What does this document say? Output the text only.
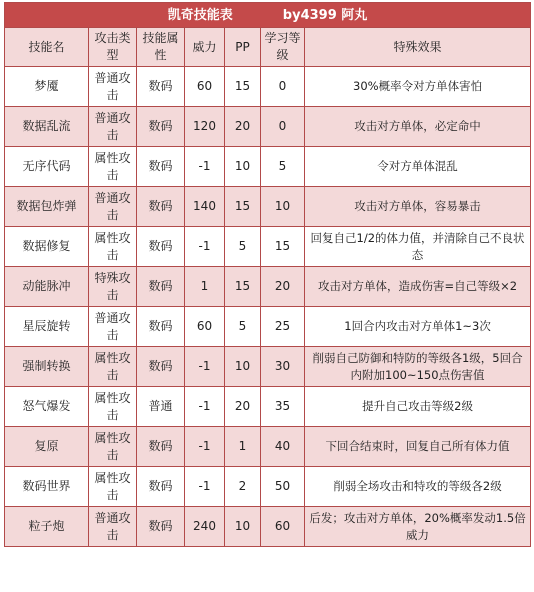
凯奇技能表 by4399 阿丸						
技能名	攻击类型	技能属性	威力	PP	学习等级	特殊效果
梦魇	普通攻击	数码	60	15	0	30%概率令对方单体害怕
数据乱流	普通攻击	数码	120	20	0	攻击对方单体，必定命中
无序代码	属性攻击	数码	-1	10	5	令对方单体混乱
数据包炸弹	普通攻击	数码	140	15	10	攻击对方单体，容易暴击
数据修复	属性攻击	数码	-1	5	15	回复自己1/2的体力值，并清除自己不良状态
动能脉冲	特殊攻击	数码	1	15	20	攻击对方单体，造成伤害=自己等级×2
星辰旋转	普通攻击	数码	60	5	25	1回合内攻击对方单体1~3次
强制转换	属性攻击	数码	-1	10	30	削弱自己防御和特防的等级各1级，5回合内附加100~150点伤害值
怒气爆发	属性攻击	普通	-1	20	35	提升自己攻击等级2级
复原	属性攻击	数码	-1	1	40	下回合结束时，回复自己所有体力值
数码世界	属性攻击	数码	-1	2	50	削弱全场攻击和特攻的等级各2级
粒子炮	普通攻击	数码	240	10	60	后发；攻击对方单体，20%概率发动1.5倍威力
